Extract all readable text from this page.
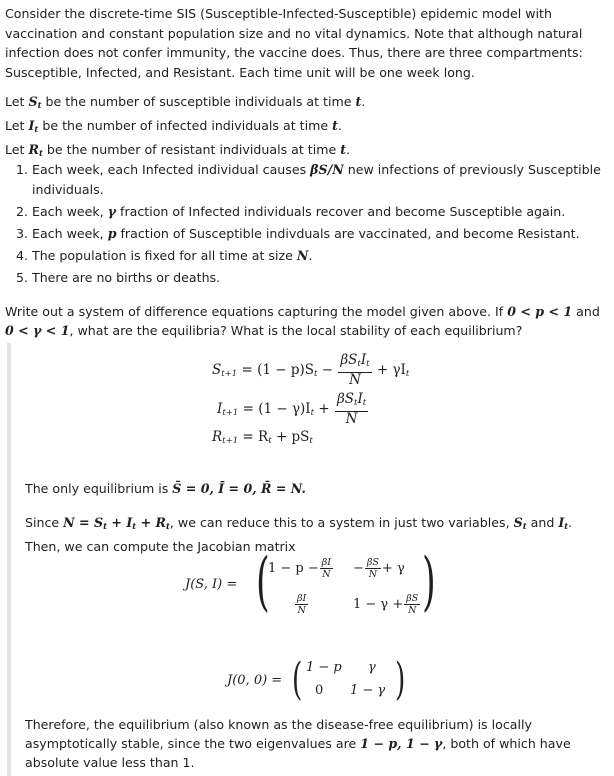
Consider the discrete-time SIS (Susceptible-Infected-Susceptible) epidemic model with vaccination and constant population size and no vital dynamics. Note that although natural infection does not confer immunity, the vaccine does. Thus, there are three compartments: Susceptible, Infected, and Resistant. Each time unit will be one week long.

Let $S_t$ be the number of susceptible individuals at time t.
Let $I_t$ be the number of infected individuals at time t.
Let $R_t$ be the number of resistant individuals at time t.
1. Each week, each Infected individual causes βS/N new infections of previously Susceptible individuals.
2. Each week, γ fraction of Infected individuals recover and become Susceptible again.
3. Each week, p fraction of Susceptible indivduals are vaccinated, and become Resistant.
4. The population is fixed for all time at size N.
5. There are no births or deaths.

Write out a system of difference equations capturing the model given above. If 0 < p < 1 and 0 < γ < 1, what are the equilibria? What is the local stability of each equilibrium?

$S_{t+1} = (1 - p)S_t - \frac{\beta S_tI_t}{N} + \gamma I_t$
$I_{t+1} = (1 - \gamma)I_t + \frac{\beta S_tI_t}{N}$
$R_{t+1} = R_t + pS_t$
The only equilibrium is S̄ = 0, Ī = 0, R̄ = N.
Since $N = S_t + I_t + R_t$, we can reduce this to a system in just two variables, $S_t$ and $I_t$. Then, we can compute the Jacobian matrix
J(S, I) = ( )
$1 - p - \frac{\beta I}{N} - \frac{\beta S}{N} + \gamma$
$\frac{\beta I}{N}$	$1 - \gamma + \frac{\beta S}{N}$
J(0, 0) = ( )
1 − p γ
0 1 − γ
Therefore, the equilibrium (also known as the disease-free equilibrium) is locally asymptotically stable, since the two eigenvalues are 1 − p, 1 − γ, both of which have absolute value less than 1.
